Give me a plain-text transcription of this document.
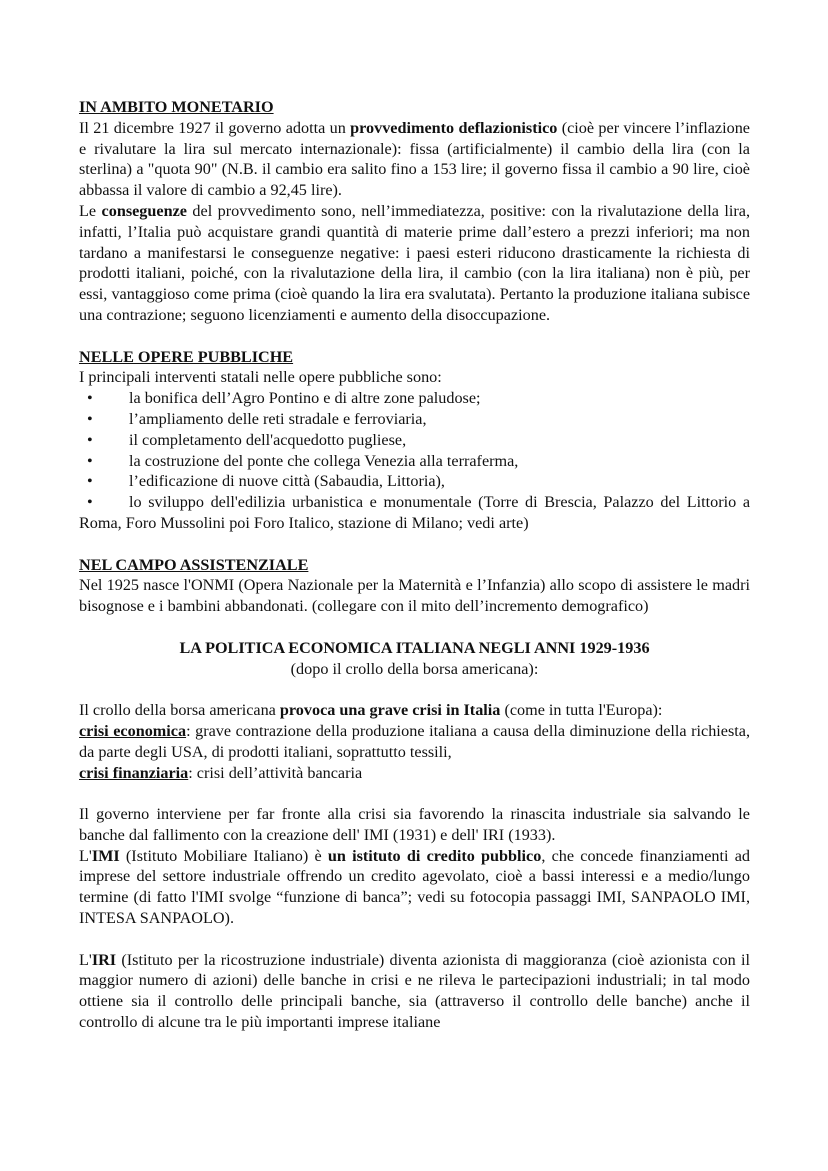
IN AMBITO MONETARIO

Il 21 dicembre 1927 il governo adotta un provvedimento deflazionistico (cioè per vincere l’inflazione e rivalutare la lira sul mercato internazionale): fissa (artificialmente) il cambio della lira (con la sterlina) a "quota 90" (N.B. il cambio era salito fino a 153 lire; il governo fissa il cambio a 90 lire, cioè abbassa il valore di cambio a 92,45 lire).

Le conseguenze del provvedimento sono, nell’immediatezza, positive: con la rivalutazione della lira, infatti, l’Italia può acquistare grandi quantità di materie prime dall’estero a prezzi inferiori; ma non tardano a manifestarsi le conseguenze negative: i paesi esteri riducono drasticamente la richiesta di prodotti italiani, poiché, con la rivalutazione della lira, il cambio (con la lira italiana) non è più, per essi, vantaggioso come prima (cioè quando la lira era svalutata). Pertanto la produzione italiana subisce una contrazione; seguono licenziamenti e aumento della disoccupazione.

NELLE OPERE PUBBLICHE

I principali interventi statali nelle opere pubbliche sono:

• la bonifica dell’Agro Pontino e di altre zone paludose;
• l’ampliamento delle reti stradale e ferroviaria,
• il completamento dell'acquedotto pugliese,
• la costruzione del ponte che collega Venezia alla terraferma,
• l’edificazione di nuove città (Sabaudia, Littoria),
• lo sviluppo dell'edilizia urbanistica e monumentale (Torre di Brescia, Palazzo del Littorio a Roma, Foro Mussolini poi Foro Italico, stazione di Milano; vedi arte)
NEL CAMPO ASSISTENZIALE

Nel 1925 nasce l'ONMI (Opera Nazionale per la Maternità e l’Infanzia) allo scopo di assistere le madri bisognose e i bambini abbandonati. (collegare con il mito dell’incremento demografico)

LA POLITICA ECONOMICA ITALIANA NEGLI ANNI 1929-1936
(dopo il crollo della borsa americana):

Il crollo della borsa americana provoca una grave crisi in Italia (come in tutta l'Europa):

crisi economica: grave contrazione della produzione italiana a causa della diminuzione della richiesta, da parte degli USA, di prodotti italiani, soprattutto tessili,

crisi finanziaria: crisi dell’attività bancaria

Il governo interviene per far fronte alla crisi sia favorendo la rinascita industriale sia salvando le banche dal fallimento con la creazione dell' IMI (1931) e dell' IRI (1933).

L'IMI (Istituto Mobiliare Italiano) è un istituto di credito pubblico, che concede finanziamenti ad imprese del settore industriale offrendo un credito agevolato, cioè a bassi interessi e a medio/lungo termine (di fatto l'IMI svolge “funzione di banca”; vedi su fotocopia passaggi IMI, SANPAOLO IMI, INTESA SANPAOLO).

L'IRI (Istituto per la ricostruzione industriale) diventa azionista di maggioranza (cioè azionista con il maggior numero di azioni) delle banche in crisi e ne rileva le partecipazioni industriali; in tal modo ottiene sia il controllo delle principali banche, sia (attraverso il controllo delle banche) anche il controllo di alcune tra le più importanti imprese italiane
